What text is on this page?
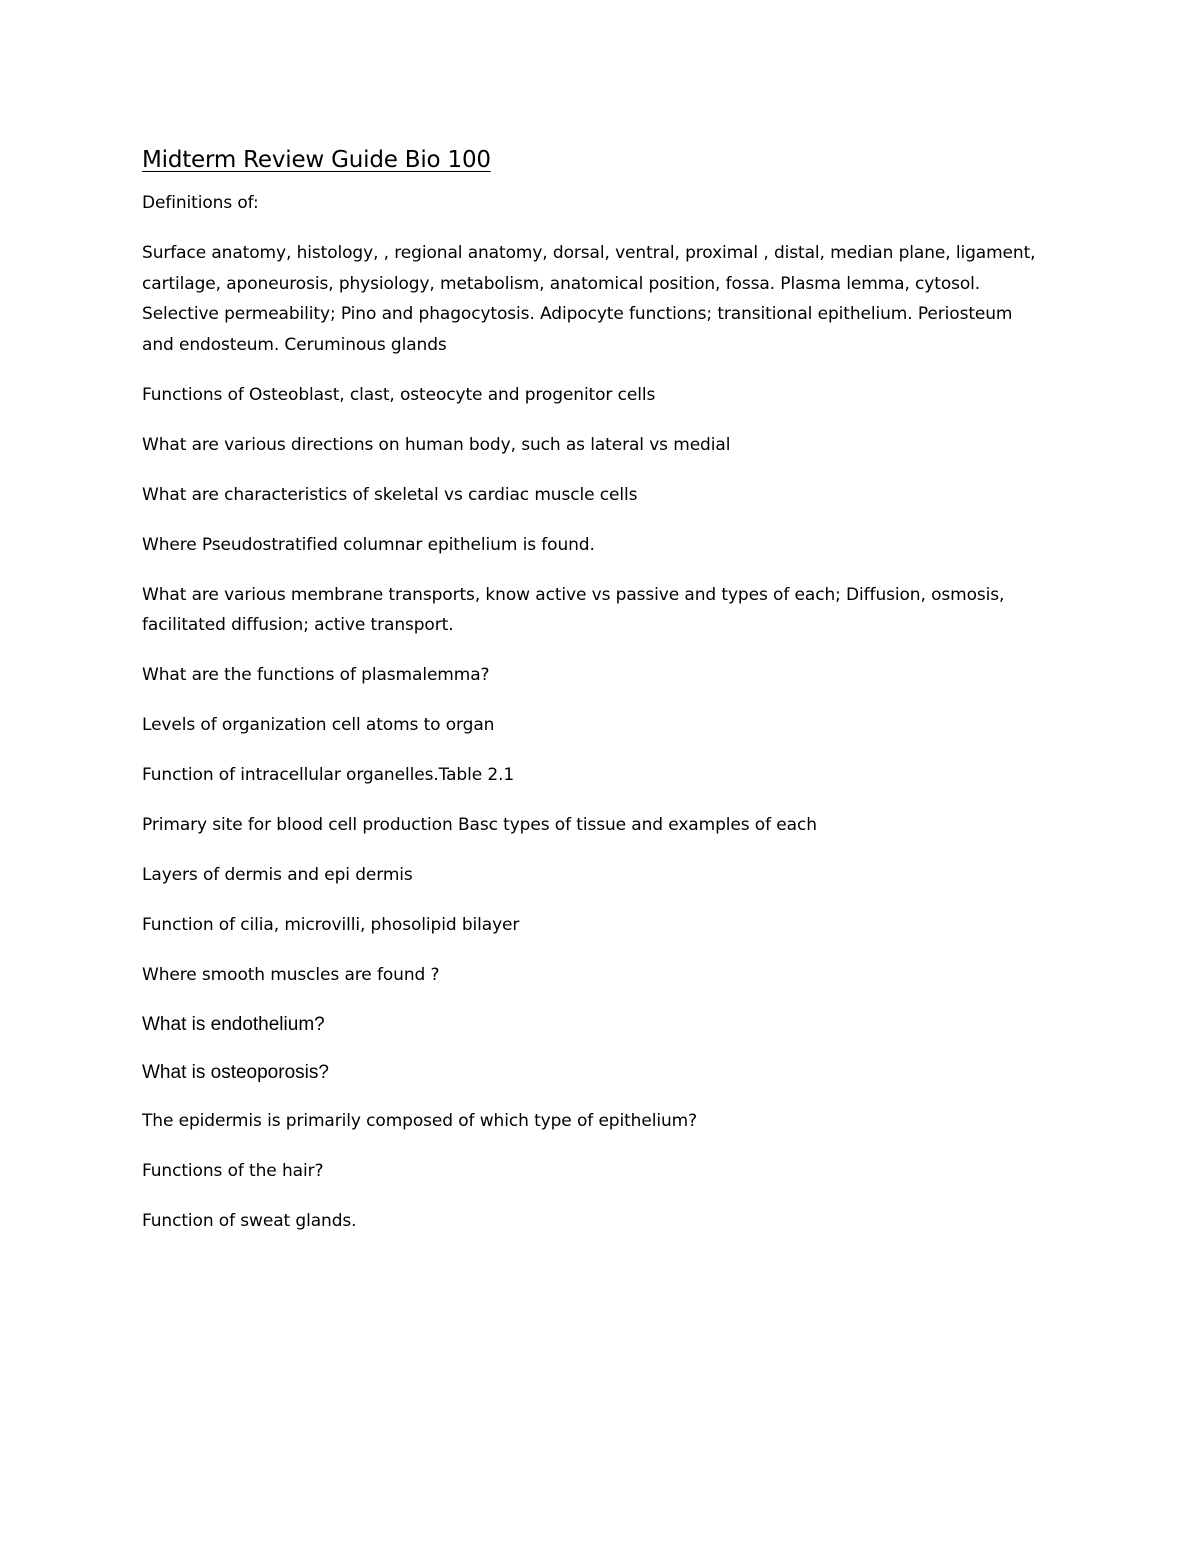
Midterm Review Guide Bio 100

Definitions of:

Surface anatomy, histology, , regional anatomy, dorsal, ventral, proximal , distal, median plane, ligament, cartilage, aponeurosis, physiology, metabolism, anatomical position, fossa. Plasma lemma, cytosol. Selective permeability; Pino and phagocytosis. Adipocyte functions; transitional epithelium. Periosteum and endosteum. Ceruminous glands

Functions of Osteoblast, clast, osteocyte and progenitor cells

What are various directions on human body, such as lateral vs medial

What are characteristics of skeletal vs cardiac muscle cells

Where Pseudostratified columnar epithelium is found.

What are various membrane transports, know active vs passive and types of each; Diffusion, osmosis, facilitated diffusion; active transport.

What are the functions of plasmalemma?

Levels of organization cell atoms to organ

Function of intracellular organelles.Table 2.1

Primary site for blood cell production Basc types of tissue and examples of each

Layers of dermis and epi dermis

Function of cilia, microvilli, phosolipid bilayer

Where smooth muscles are found ?

What is endothelium?

What is osteoporosis?

The epidermis is primarily composed of which type of epithelium?

Functions of the hair?

Function of sweat glands.
